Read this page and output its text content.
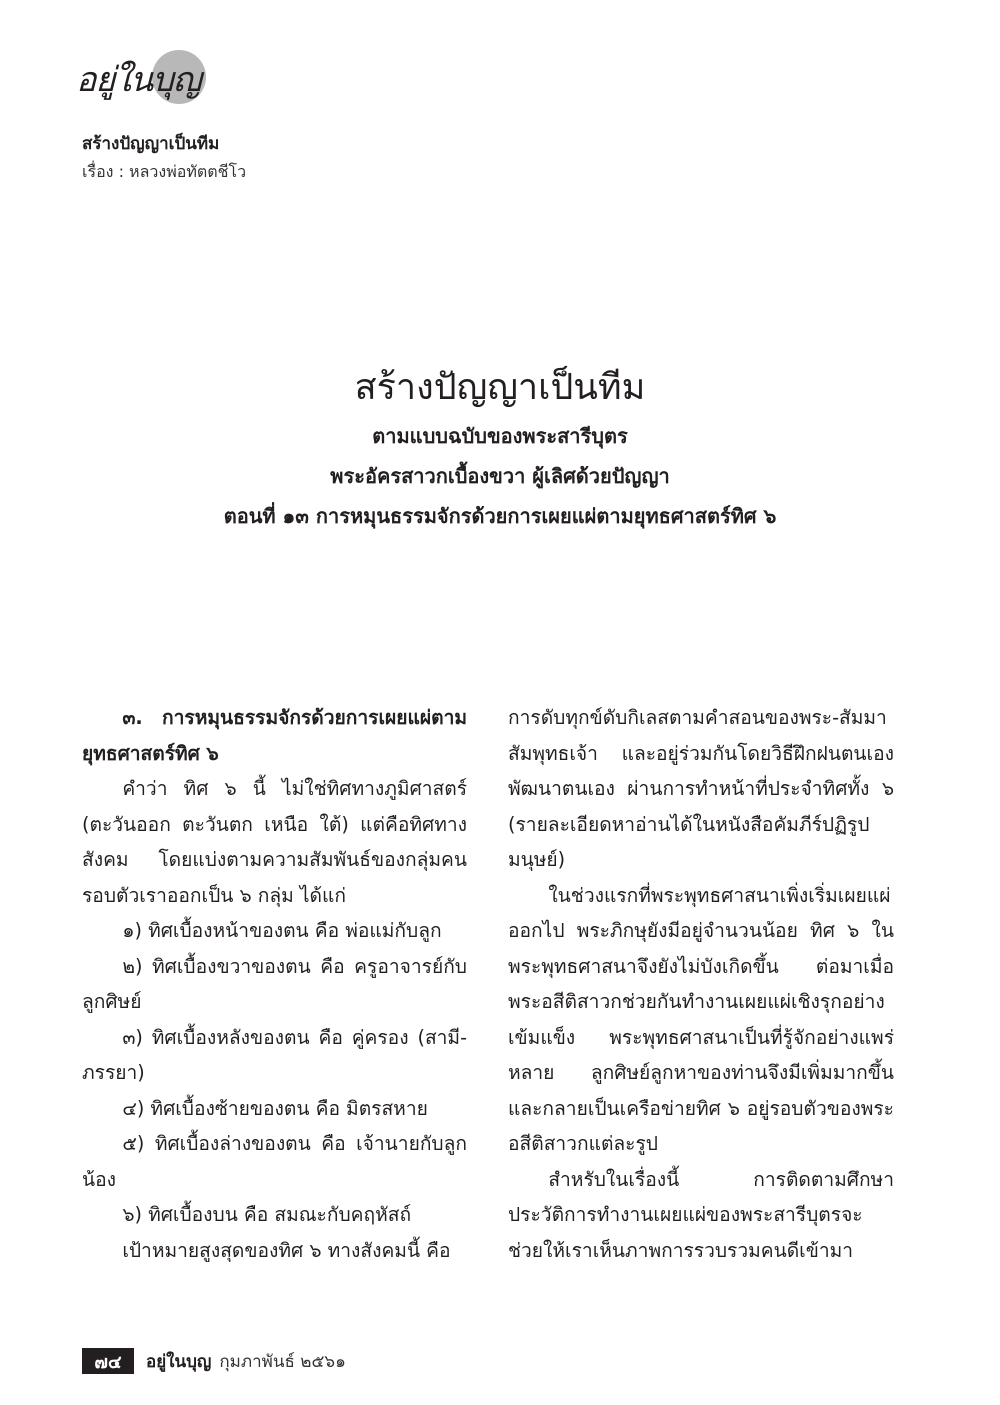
อยู่ในบุญ
สร้างปัญญาเป็นทีม
เรื่อง : หลวงพ่อทัตตชีโว
สร้างปัญญาเป็นทีม
ตามแบบฉบับของพระสารีบุตร
พระอัครสาวกเบื้องขวา ผู้เลิศด้วยปัญญา
ตอนที่ ๑๓ การหมุนธรรมจักรด้วยการเผยแผ่ตามยุทธศาสตร์ทิศ ๖

๓. การหมุนธรรมจักรด้วยการเผยแผ่ตามยุทธศาสตร์ทิศ ๖

คำว่า ทิศ ๖ นี้ ไม่ใช่ทิศทางภูมิศาสตร์ (ตะวันออก ตะวันตก เหนือ ใต้) แต่คือทิศทางสังคม โดยแบ่งตามความสัมพันธ์ของกลุ่มคนรอบตัวเราออกเป็น ๖ กลุ่ม ได้แก่

๑) ทิศเบื้องหน้าของตน คือ พ่อแม่กับลูก

๒) ทิศเบื้องขวาของตน คือ ครูอาจารย์กับลูกศิษย์

๓) ทิศเบื้องหลังของตน คือ คู่ครอง (สามี-ภรรยา)

๔) ทิศเบื้องซ้ายของตน คือ มิตรสหาย

๕) ทิศเบื้องล่างของตน คือ เจ้านายกับลูกน้อง

๖) ทิศเบื้องบน คือ สมณะกับคฤหัสถ์

เป้าหมายสูงสุดของทิศ ๖ ทางสังคมนี้ คือ

การดับทุกข์ดับกิเลสตามคำสอนของพระ-สัมมาสัมพุทธเจ้า และอยู่ร่วมกันโดยวิธีฝึกฝนตนเอง พัฒนาตนเอง ผ่านการทำหน้าที่ประจำทิศทั้ง ๖ (รายละเอียดหาอ่านได้ในหนังสือคัมภีร์ปฏิรูปมนุษย์)

ในช่วงแรกที่พระพุทธศาสนาเพิ่งเริ่มเผยแผ่ออกไป พระภิกษุยังมีอยู่จำนวนน้อย ทิศ ๖ ในพระพุทธศาสนาจึงยังไม่บังเกิดขึ้น ต่อมาเมื่อพระอสีติสาวกช่วยกันทำงานเผยแผ่เชิงรุกอย่างเข้มแข็ง พระพุทธศาสนาเป็นที่รู้จักอย่างแพร่หลาย ลูกศิษย์ลูกหาของท่านจึงมีเพิ่มมากขึ้นและกลายเป็นเครือข่ายทิศ ๖ อยู่รอบตัวของพระอสีติสาวกแต่ละรูป

สำหรับในเรื่องนี้ การติดตามศึกษาประวัติการทำงานเผยแผ่ของพระสารีบุตรจะช่วยให้เราเห็นภาพการรวบรวมคนดีเข้ามา

๗๔	อยู่ในบุญ กุมภาพันธ์ ๒๕๖๑
